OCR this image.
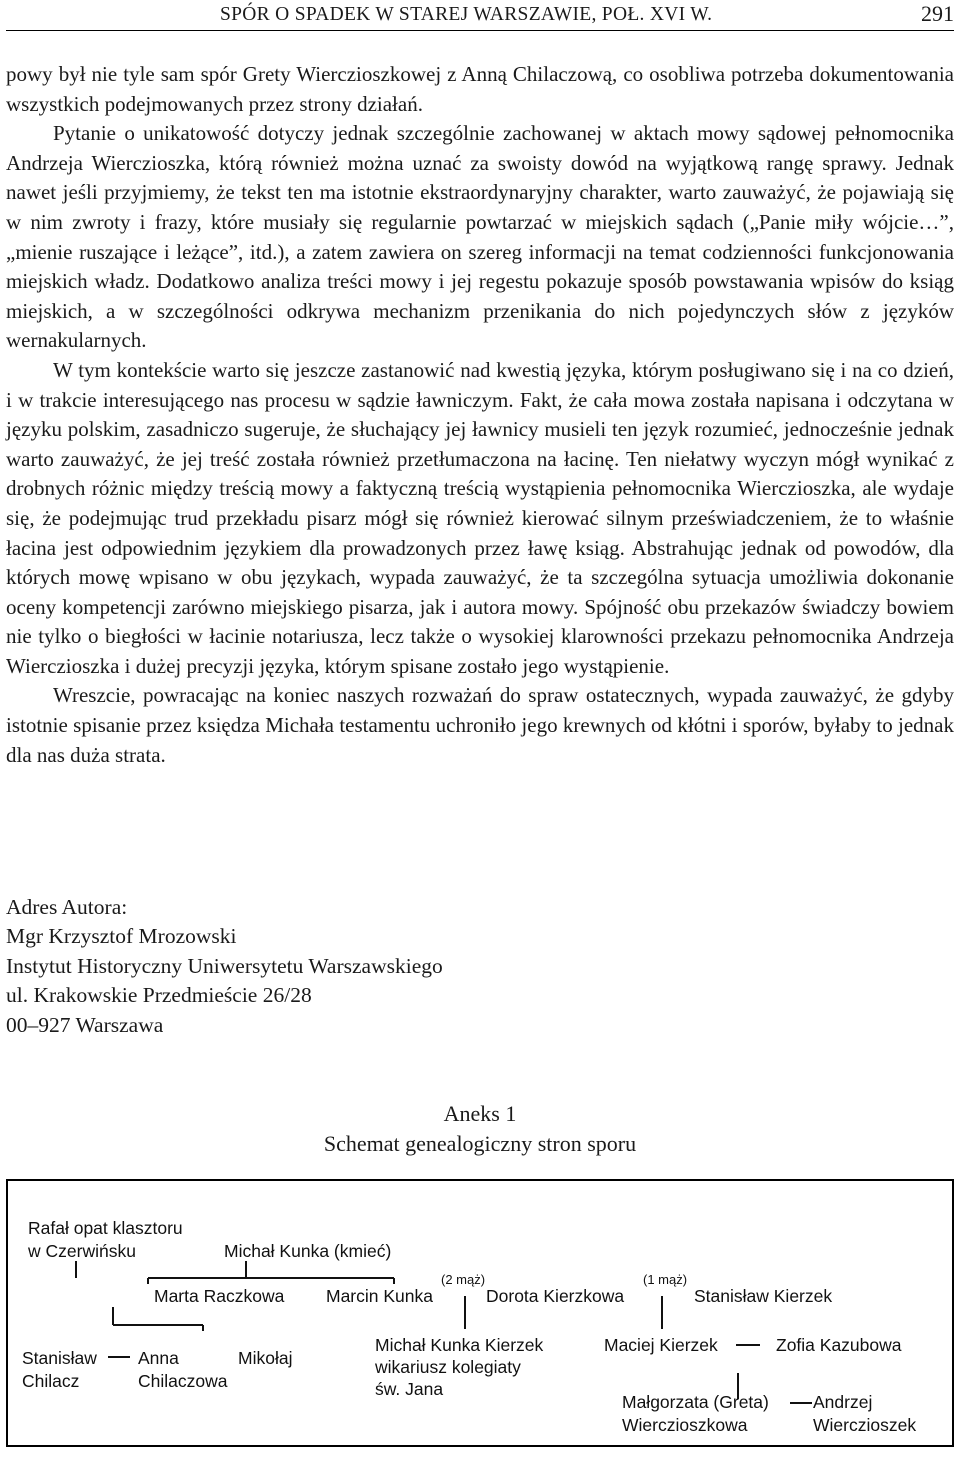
SPÓR O SPADEK W STAREJ WARSZAWIE, POŁ. XVI W.	291

powy był nie tyle sam spór Grety Wierczioszkowej z Anną Chilaczową, co osobliwa potrzeba dokumentowania wszystkich podejmowanych przez strony działań.

Pytanie o unikatowość dotyczy jednak szczególnie zachowanej w aktach mowy sądowej pełnomocnika Andrzeja Wierczioszka, którą również można uznać za swoisty dowód na wyjątkową rangę sprawy. Jednak nawet jeśli przyjmiemy, że tekst ten ma istotnie ekstraordynaryjny charakter, warto zauważyć, że pojawiają się w nim zwroty i frazy, które musiały się regularnie powtarzać w miejskich sądach („Panie miły wójcie…”, „mienie ruszające i leżące”, itd.), a zatem zawiera on szereg informacji na temat codzienności funkcjonowania miejskich władz. Dodatkowo analiza treści mowy i jej regestu pokazuje sposób powstawania wpisów do ksiąg miejskich, a w szczególności odkrywa mechanizm przenikania do nich pojedynczych słów z języków wernakularnych.

W tym kontekście warto się jeszcze zastanowić nad kwestią języka, którym posługiwano się i na co dzień, i w trakcie interesującego nas procesu w sądzie ławniczym. Fakt, że cała mowa została napisana i odczytana w języku polskim, zasadniczo sugeruje, że słuchający jej ławnicy musieli ten język rozumieć, jednocześnie jednak warto zauważyć, że jej treść została również przetłumaczona na łacinę. Ten niełatwy wyczyn mógł wynikać z drobnych różnic między treścią mowy a faktyczną treścią wystąpienia pełnomocnika Wierczioszka, ale wydaje się, że podejmując trud przekładu pisarz mógł się również kierować silnym przeświadczeniem, że to właśnie łacina jest odpowiednim językiem dla prowadzonych przez ławę ksiąg. Abstrahując jednak od powodów, dla których mowę wpisano w obu językach, wypada zauważyć, że ta szczególna sytuacja umożliwia dokonanie oceny kompetencji zarówno miejskiego pisarza, jak i autora mowy. Spójność obu przekazów świadczy bowiem nie tylko o biegłości w łacinie notariusza, lecz także o wysokiej klarowności przekazu pełnomocnika Andrzeja Wierczioszka i dużej precyzji języka, którym spisane zostało jego wystąpienie.

Wreszcie, powracając na koniec naszych rozważań do spraw ostatecznych, wypada zauważyć, że gdyby istotnie spisanie przez księdza Michała testamentu uchroniło jego krewnych od kłótni i sporów, byłaby to jednak dla nas duża strata.

Adres Autora:
Mgr Krzysztof Mrozowski
Instytut Historyczny Uniwersytetu Warszawskiego
ul. Krakowskie Przedmieście 26/28
00–927 Warszawa
Aneks 1
Schemat genealogiczny stron sporu
Rafał opat klasztoru
w Czerwińsku	Michał Kunka (kmieć)
Marta Raczkowa Marcin Kunka
(2 mąż)
Dorota Kierzkowa
(1 mąż)
Stanisław Kierzek
Stanisław
Chilacz
Anna
Chilaczowa
Mikołaj
Michał Kunka Kierzek
wikariusz kolegiaty
św. Jana
Maciej Kierzek	Zofia Kazubowa
Małgorzata (Greta)
Wierczioszkowa
Andrzej
Wierczioszek
